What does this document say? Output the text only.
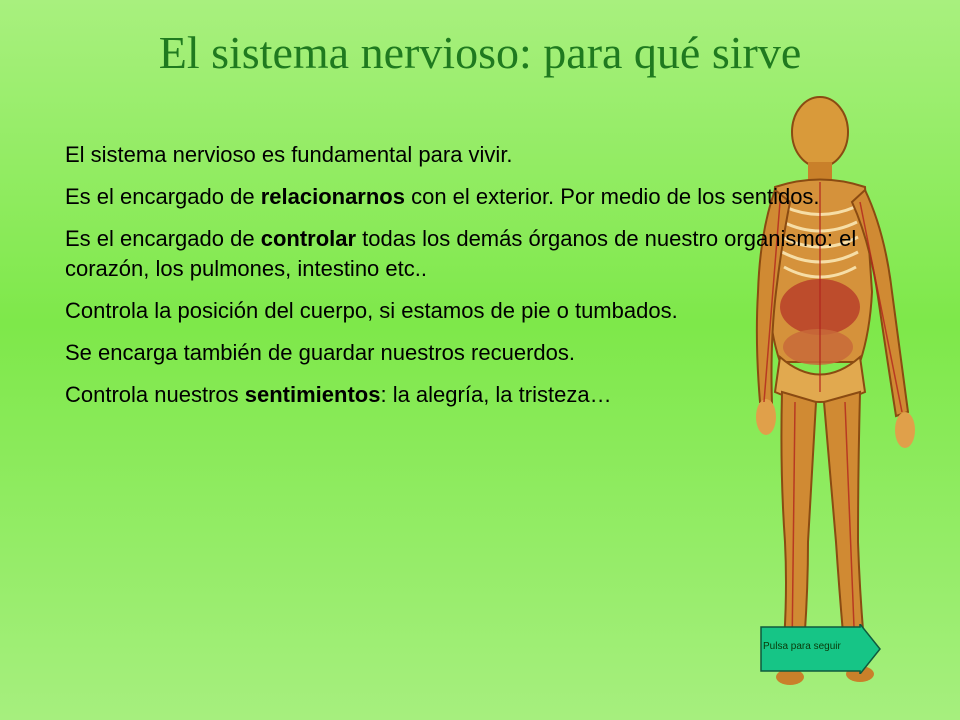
El sistema nervioso: para qué sirve

El sistema nervioso es fundamental para vivir.

Es el encargado de relacionarnos con el exterior. Por medio de los sentidos.

Es el encargado de controlar todas los demás órganos de nuestro organismo: el corazón, los pulmones, intestino etc..

Controla la posición del cuerpo, si estamos de pie o tumbados.

Se encarga también de guardar nuestros recuerdos.

Controla nuestros sentimientos: la alegría, la tristeza…

Pulsa para seguir
